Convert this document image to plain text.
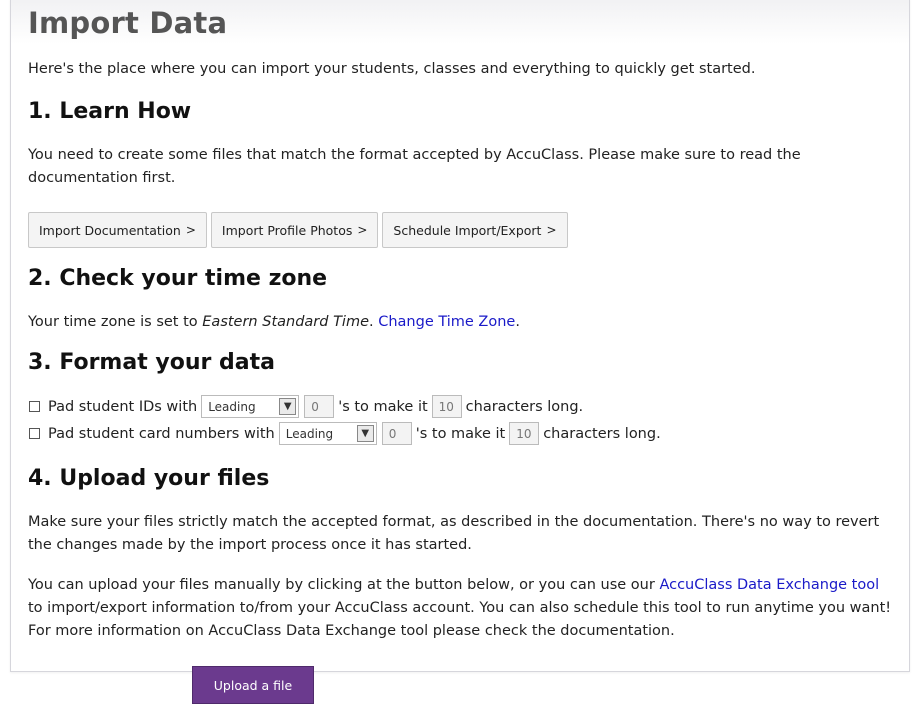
Import Data

Here's the place where you can import your students, classes and everything to quickly get started.

1. Learn How

You need to create some files that match the format accepted by AccuClass. Please make sure to read the documentation first.

Import Documentation > Import Profile Photos > Schedule Import/Export >
2. Check your time zone

Your time zone is set to Eastern Standard Time. Change Time Zone.

3. Format your data
Pad student IDs with Leading	▼	0	's to make it 10 characters long.
Pad student card numbers with Leading	▼	0	's to make it 10 characters long.
4. Upload your files

Make sure your files strictly match the accepted format, as described in the documentation. There's no way to revert the changes made by the import process once it has started.

You can upload your files manually by clicking at the button below, or you can use our AccuClass Data Exchange tool to import/export information to/from your AccuClass account. You can also schedule this tool to run anytime you want!
For more information on AccuClass Data Exchange tool please check the documentation.

Upload a file
